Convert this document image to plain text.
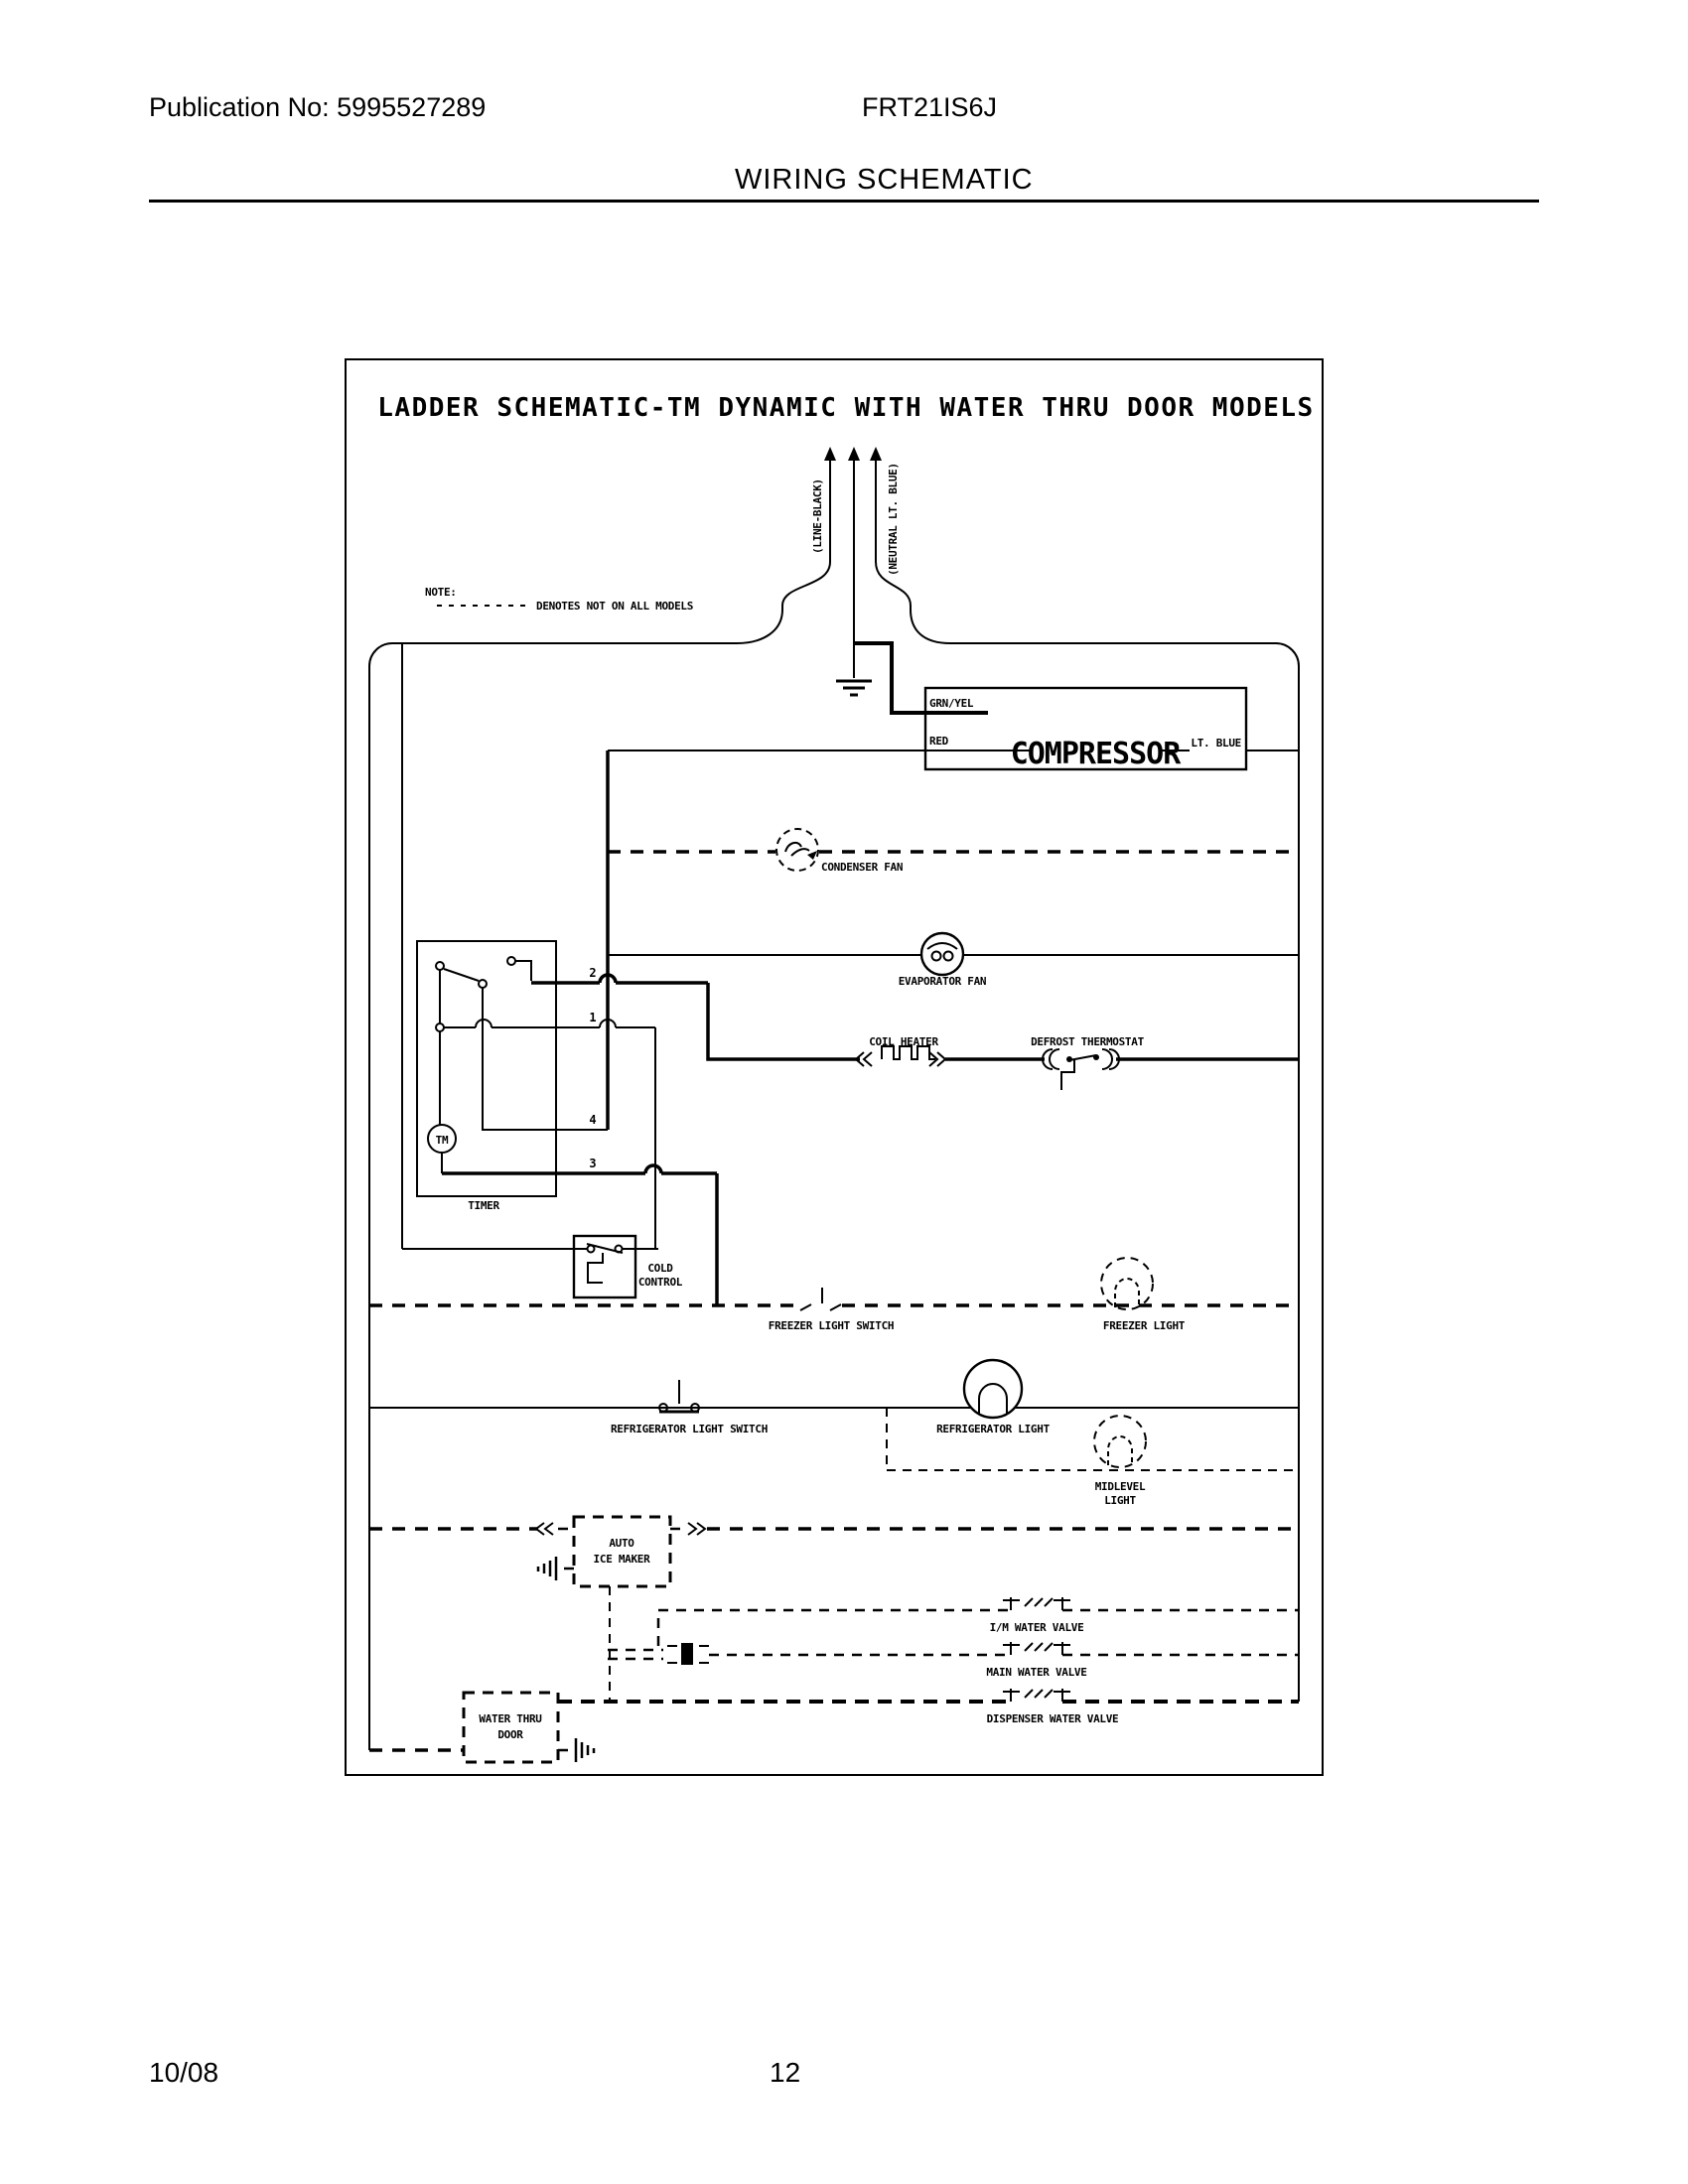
Publication No: 5995527289	FRT21IS6J
WIRING SCHEMATIC
LADDER SCHEMATIC-TM DYNAMIC WITH WATER THRU DOOR MODELS
NOTE:
DENOTES NOT ON ALL MODELS
(LINE-BLACK)	(NEUTRAL LT. BLUE)
GRN/YEL
RED COMPRESSOR LT. BLUE
CONDENSER FAN
EVAPORATOR FAN
COIL HEATER	DEFROST THERMOSTAT
TM
TIMER
2
1
4
3
COLD
CONTROL
FREEZER LIGHT SWITCH	FREEZER LIGHT
REFRIGERATOR LIGHT SWITCH	REFRIGERATOR LIGHT
MIDLEVEL
LIGHT
AUTO
ICE MAKER
I/M WATER VALVE
MAIN WATER VALVE
DISPENSER WATER VALVE
WATER THRU
DOOR
10/08	12
